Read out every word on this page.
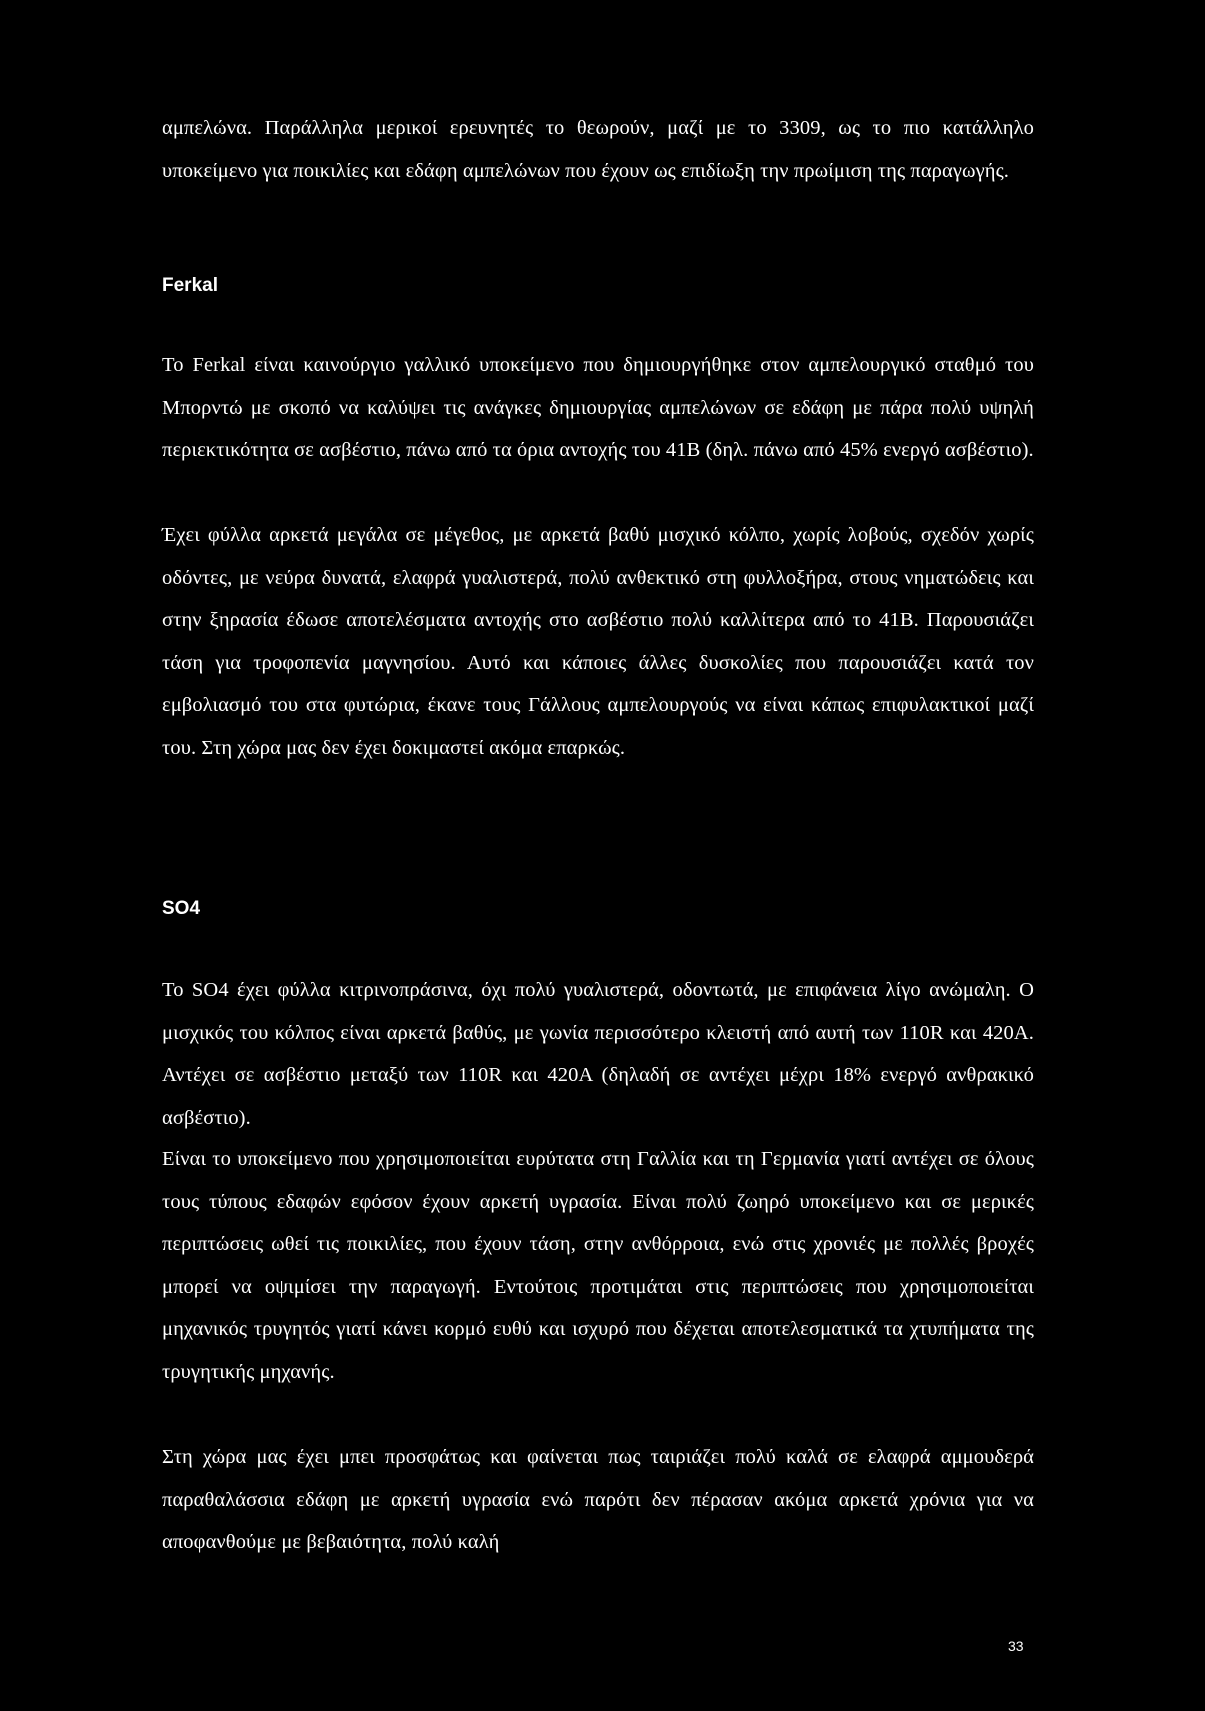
αμπελώνα. Παράλληλα μερικοί ερευνητές το θεωρούν, μαζί με το 3309, ως το πιο κατάλληλο υποκείμενο για ποικιλίες και εδάφη αμπελώνων που έχουν ως επιδίωξη την πρωίμιση της παραγωγής.

Ferkal

Το Ferkal είναι καινούργιο γαλλικό υποκείμενο που δημιουργήθηκε στον αμπελουργικό σταθμό του Μπορντώ με σκοπό να καλύψει τις ανάγκες δημιουργίας αμπελώνων σε εδάφη με πάρα πολύ υψηλή περιεκτικότητα σε ασβέστιο, πάνω από τα όρια αντοχής του 41B (δηλ. πάνω από 45% ενεργό ασβέστιο).

Έχει φύλλα αρκετά μεγάλα σε μέγεθος, με αρκετά βαθύ μισχικό κόλπο, χωρίς λοβούς, σχεδόν χωρίς οδόντες, με νεύρα δυνατά, ελαφρά γυαλιστερά, πολύ ανθεκτικό στη φυλλοξήρα, στους νηματώδεις και στην ξηρασία έδωσε αποτελέσματα αντοχής στο ασβέστιο πολύ καλλίτερα από το 41B. Παρουσιάζει τάση για τροφοπενία μαγνησίου. Αυτό και κάποιες άλλες δυσκολίες που παρουσιάζει κατά τον εμβολιασμό του στα φυτώρια, έκανε τους Γάλλους αμπελουργούς να είναι κάπως επιφυλακτικοί μαζί του. Στη χώρα μας δεν έχει δοκιμαστεί ακόμα επαρκώς.

SO4

Το SO4 έχει φύλλα κιτρινοπράσινα, όχι πολύ γυαλιστερά, οδοντωτά, με επιφάνεια λίγο ανώμαλη. Ο μισχικός του κόλπος είναι αρκετά βαθύς, με γωνία περισσότερο κλειστή από αυτή των 110R και 420A. Αντέχει σε ασβέστιο μεταξύ των 110R και 420A (δηλαδή σε αντέχει μέχρι 18% ενεργό ανθρακικό ασβέστιο).

Είναι το υποκείμενο που χρησιμοποιείται ευρύτατα στη Γαλλία και τη Γερμανία γιατί αντέχει σε όλους τους τύπους εδαφών εφόσον έχουν αρκετή υγρασία. Είναι πολύ ζωηρό υποκείμενο και σε μερικές περιπτώσεις ωθεί τις ποικιλίες, που έχουν τάση, στην ανθόρροια, ενώ στις χρονιές με πολλές βροχές μπορεί να οψιμίσει την παραγωγή. Εντούτοις προτιμάται στις περιπτώσεις που χρησιμοποιείται μηχανικός τρυγητός γιατί κάνει κορμό ευθύ και ισχυρό που δέχεται αποτελεσματικά τα χτυπήματα της τρυγητικής μηχανής.

Στη χώρα μας έχει μπει προσφάτως και φαίνεται πως ταιριάζει πολύ καλά σε ελαφρά αμμουδερά παραθαλάσσια εδάφη με αρκετή υγρασία ενώ παρότι δεν πέρασαν ακόμα αρκετά χρόνια για να αποφανθούμε με βεβαιότητα, πολύ καλή

33
